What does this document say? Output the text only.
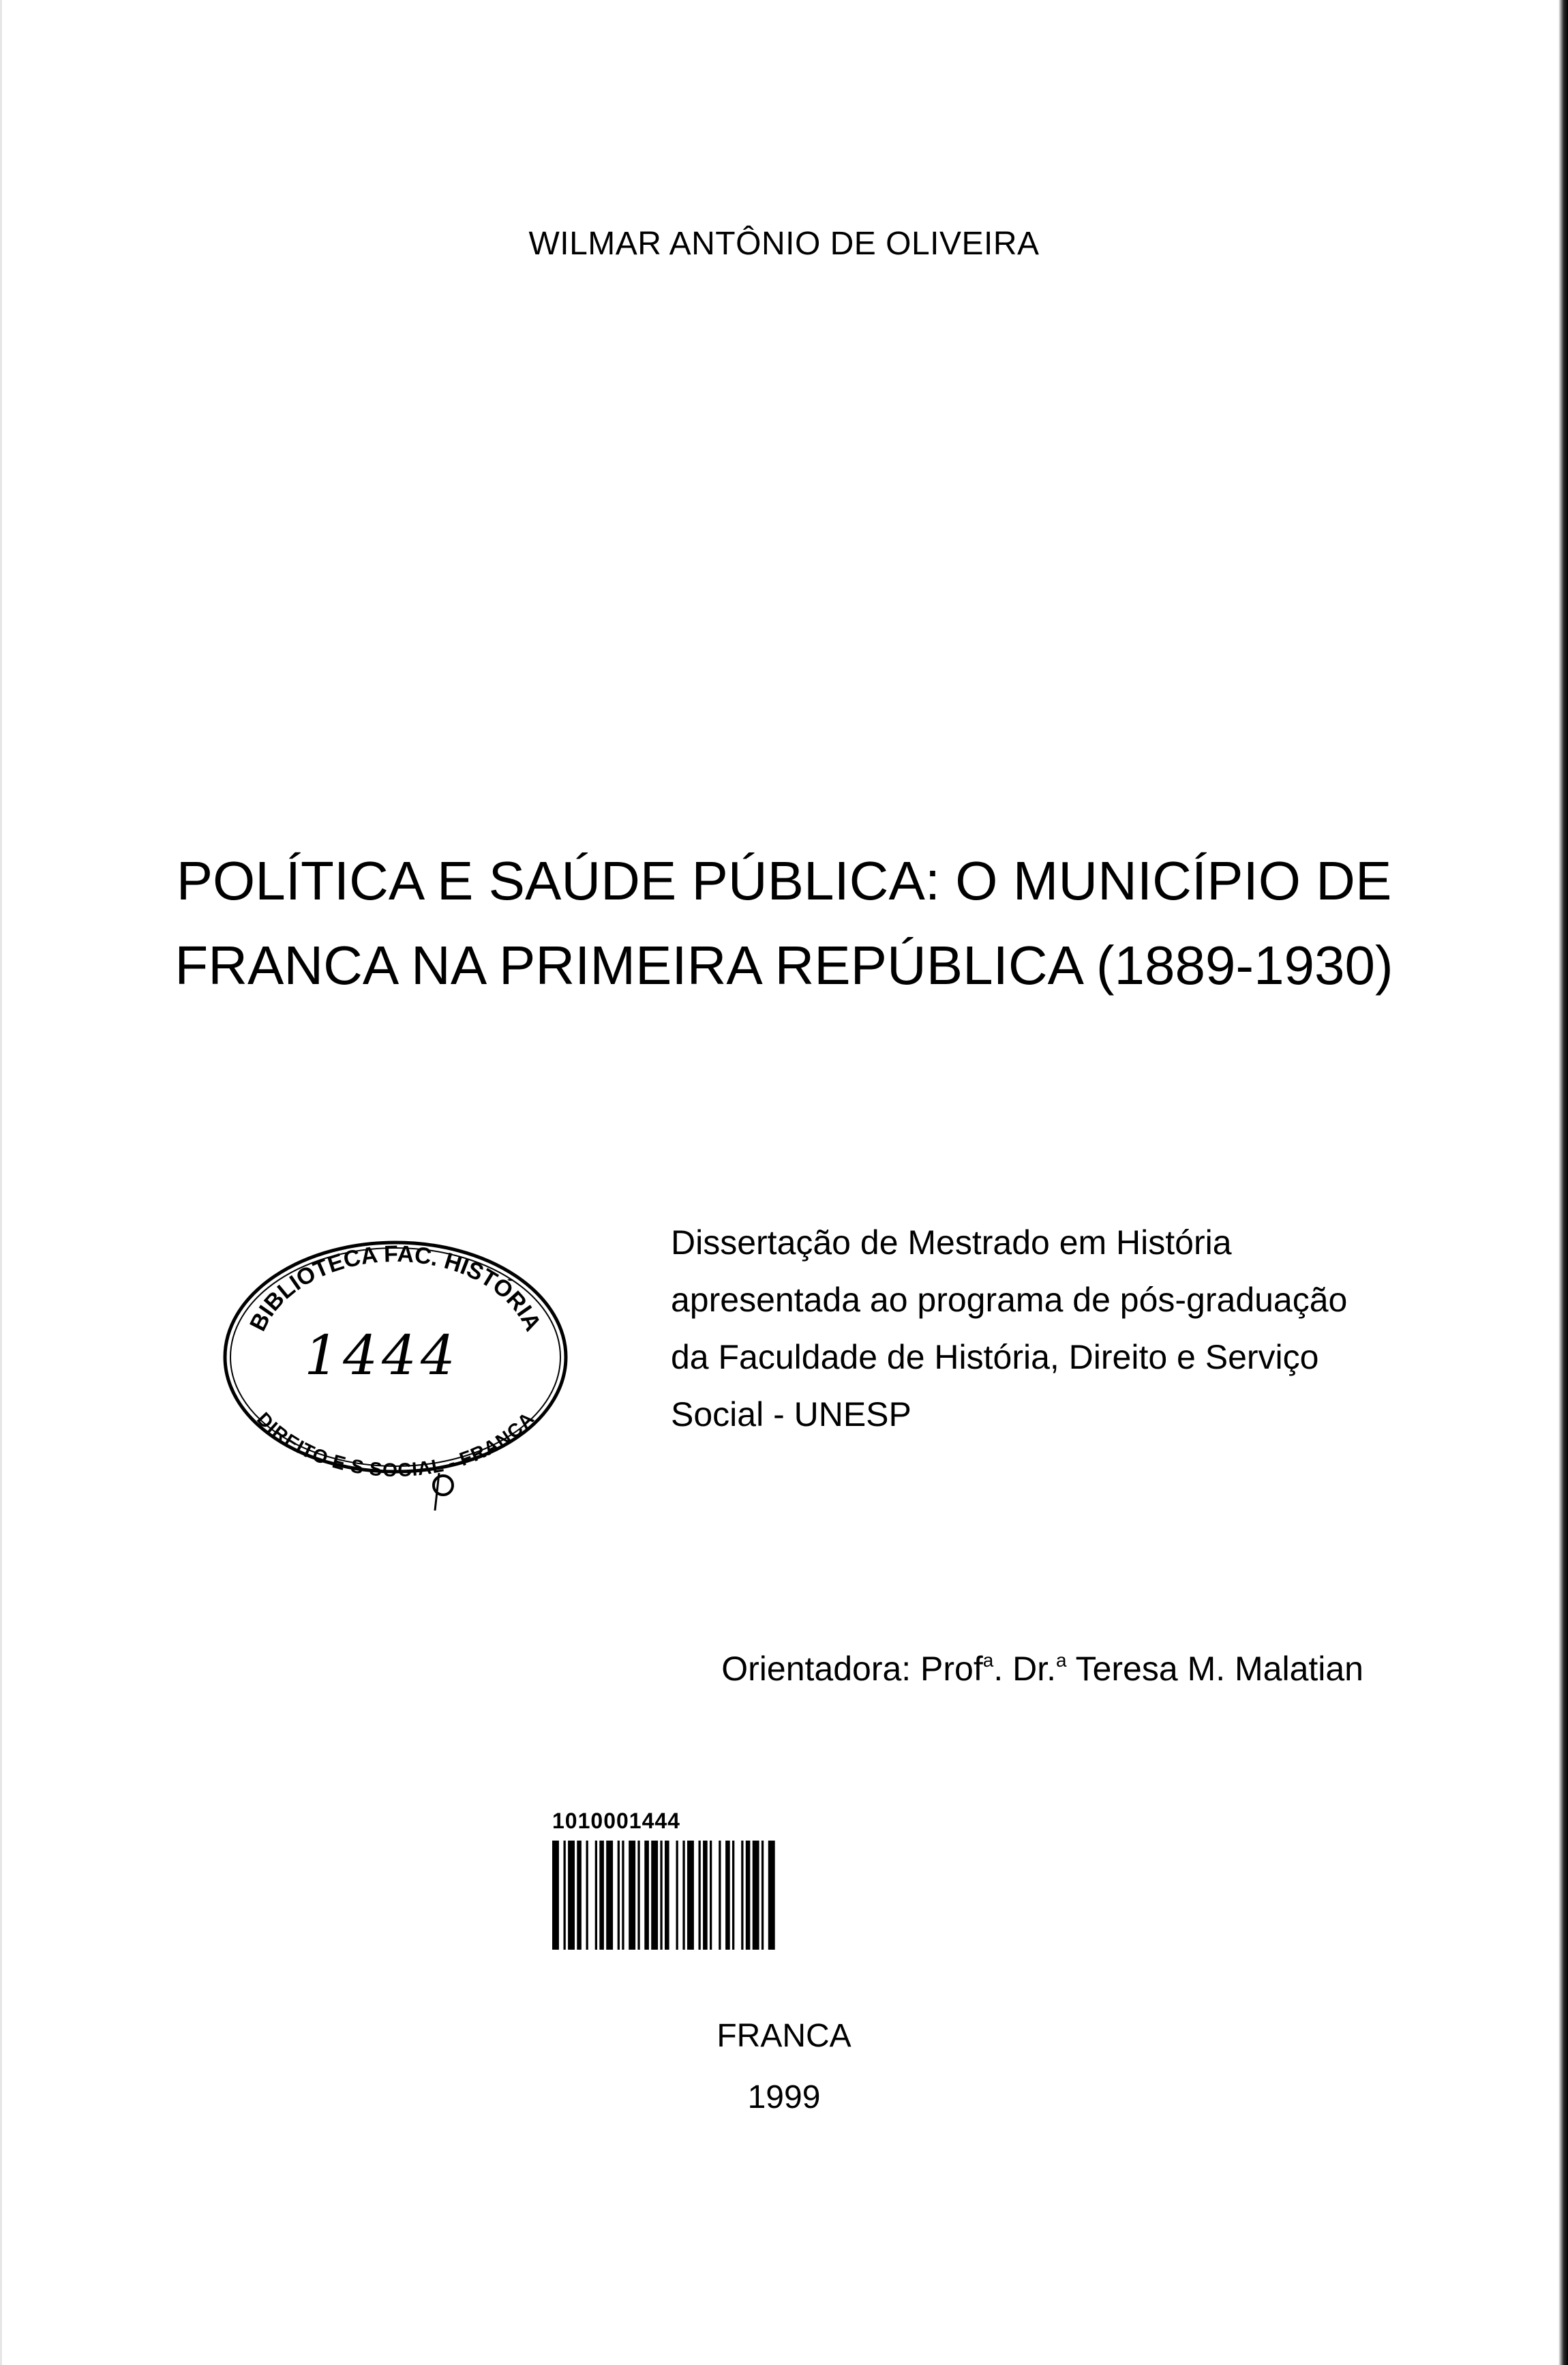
WILMAR ANTÔNIO DE OLIVEIRA
POLÍTICA E SAÚDE PÚBLICA: O MUNICÍPIO DE
FRANCA NA PRIMEIRA REPÚBLICA (1889-1930)
BIBLIOTECA FAC. HISTÓRIA
DIREITO E S SOCIAL - FRANCA
1444
Dissertação de Mestrado em História
apresentada ao programa de pós-graduação
da Faculdade de História, Direito e Serviço
Social - UNESP
Orientadora: Prof$^a$. Dr.$^a$ Teresa M. Malatian
1010001444
FRANCA
1999
